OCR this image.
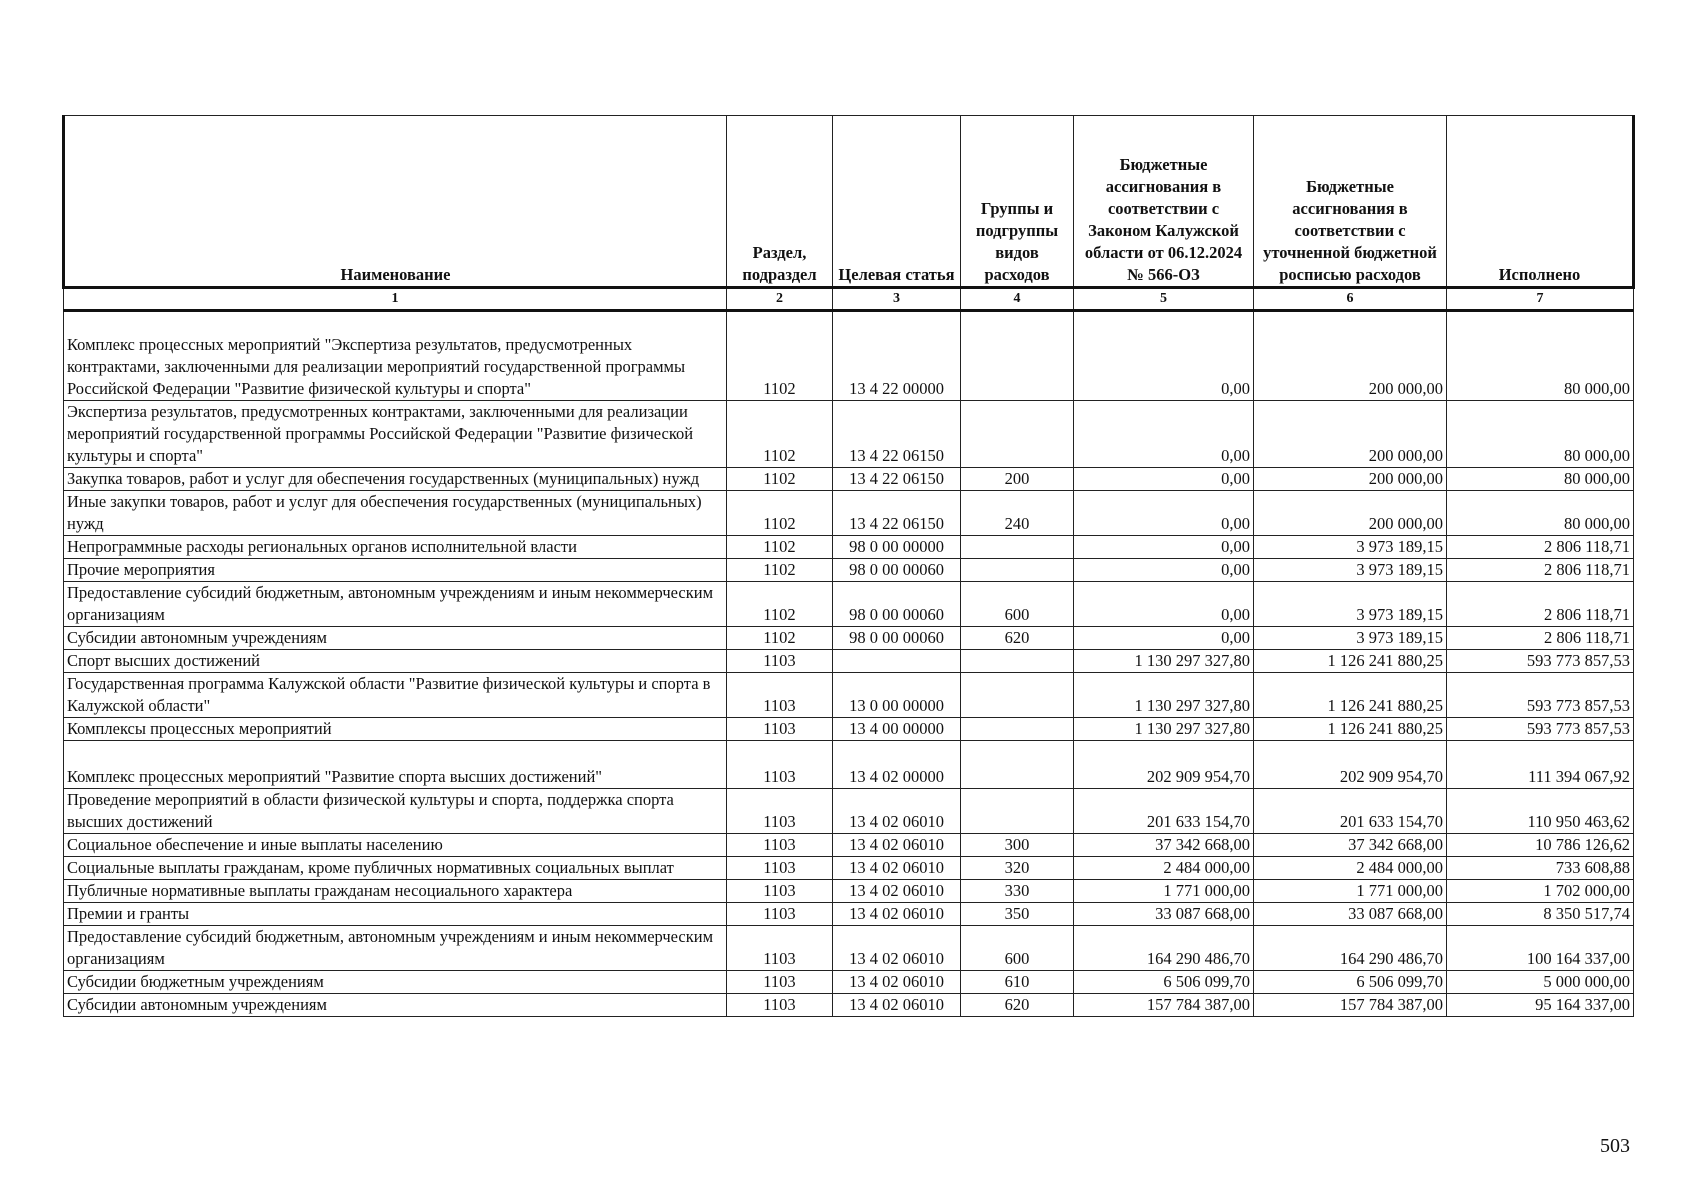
Наименование	Раздел, подраздел	Целевая статья	Группы и подгруппы видов расходов	Бюджетные ассигнования в соответствии с Законом Калужской области от 06.12.2024 № 566-ОЗ	Бюджетные ассигнования в соответствии с уточненной бюджетной росписью расходов	Исполнено
1	2	3	4	5	6	7
Комплекс процессных мероприятий "Экспертиза результатов, предусмотренных контрактами, заключенными для реализации мероприятий государственной программы Российской Федерации "Развитие физической культуры и спорта"	1102	13 4 22 00000		0,00	200 000,00	80 000,00
Экспертиза результатов, предусмотренных контрактами, заключенными для реализации мероприятий государственной программы Российской Федерации "Развитие физической культуры и спорта"	1102	13 4 22 06150		0,00	200 000,00	80 000,00
Закупка товаров, работ и услуг для обеспечения государственных (муниципальных) нужд	1102	13 4 22 06150	200	0,00	200 000,00	80 000,00
Иные закупки товаров, работ и услуг для обеспечения государственных (муниципальных) нужд	1102	13 4 22 06150	240	0,00	200 000,00	80 000,00
Непрограммные расходы региональных органов исполнительной власти	1102	98 0 00 00000		0,00	3 973 189,15	2 806 118,71
Прочие мероприятия	1102	98 0 00 00060		0,00	3 973 189,15	2 806 118,71
Предоставление субсидий бюджетным, автономным учреждениям и иным некоммерческим организациям	1102	98 0 00 00060	600	0,00	3 973 189,15	2 806 118,71
Субсидии автономным учреждениям	1102	98 0 00 00060	620	0,00	3 973 189,15	2 806 118,71
Спорт высших достижений	1103			1 130 297 327,80	1 126 241 880,25	593 773 857,53
Государственная программа Калужской области "Развитие физической культуры и спорта в Калужской области"	1103	13 0 00 00000		1 130 297 327,80	1 126 241 880,25	593 773 857,53
Комплексы процессных мероприятий	1103	13 4 00 00000		1 130 297 327,80	1 126 241 880,25	593 773 857,53
Комплекс процессных мероприятий "Развитие спорта высших достижений"	1103	13 4 02 00000		202 909 954,70	202 909 954,70	111 394 067,92
Проведение мероприятий в области физической культуры и спорта, поддержка спорта высших достижений	1103	13 4 02 06010		201 633 154,70	201 633 154,70	110 950 463,62
Социальное обеспечение и иные выплаты населению	1103	13 4 02 06010	300	37 342 668,00	37 342 668,00	10 786 126,62
Социальные выплаты гражданам, кроме публичных нормативных социальных выплат	1103	13 4 02 06010	320	2 484 000,00	2 484 000,00	733 608,88
Публичные нормативные выплаты гражданам несоциального характера	1103	13 4 02 06010	330	1 771 000,00	1 771 000,00	1 702 000,00
Премии и гранты	1103	13 4 02 06010	350	33 087 668,00	33 087 668,00	8 350 517,74
Предоставление субсидий бюджетным, автономным учреждениям и иным некоммерческим организациям	1103	13 4 02 06010	600	164 290 486,70	164 290 486,70	100 164 337,00
Субсидии бюджетным учреждениям	1103	13 4 02 06010	610	6 506 099,70	6 506 099,70	5 000 000,00
Субсидии автономным учреждениям	1103	13 4 02 06010	620	157 784 387,00	157 784 387,00	95 164 337,00
503
